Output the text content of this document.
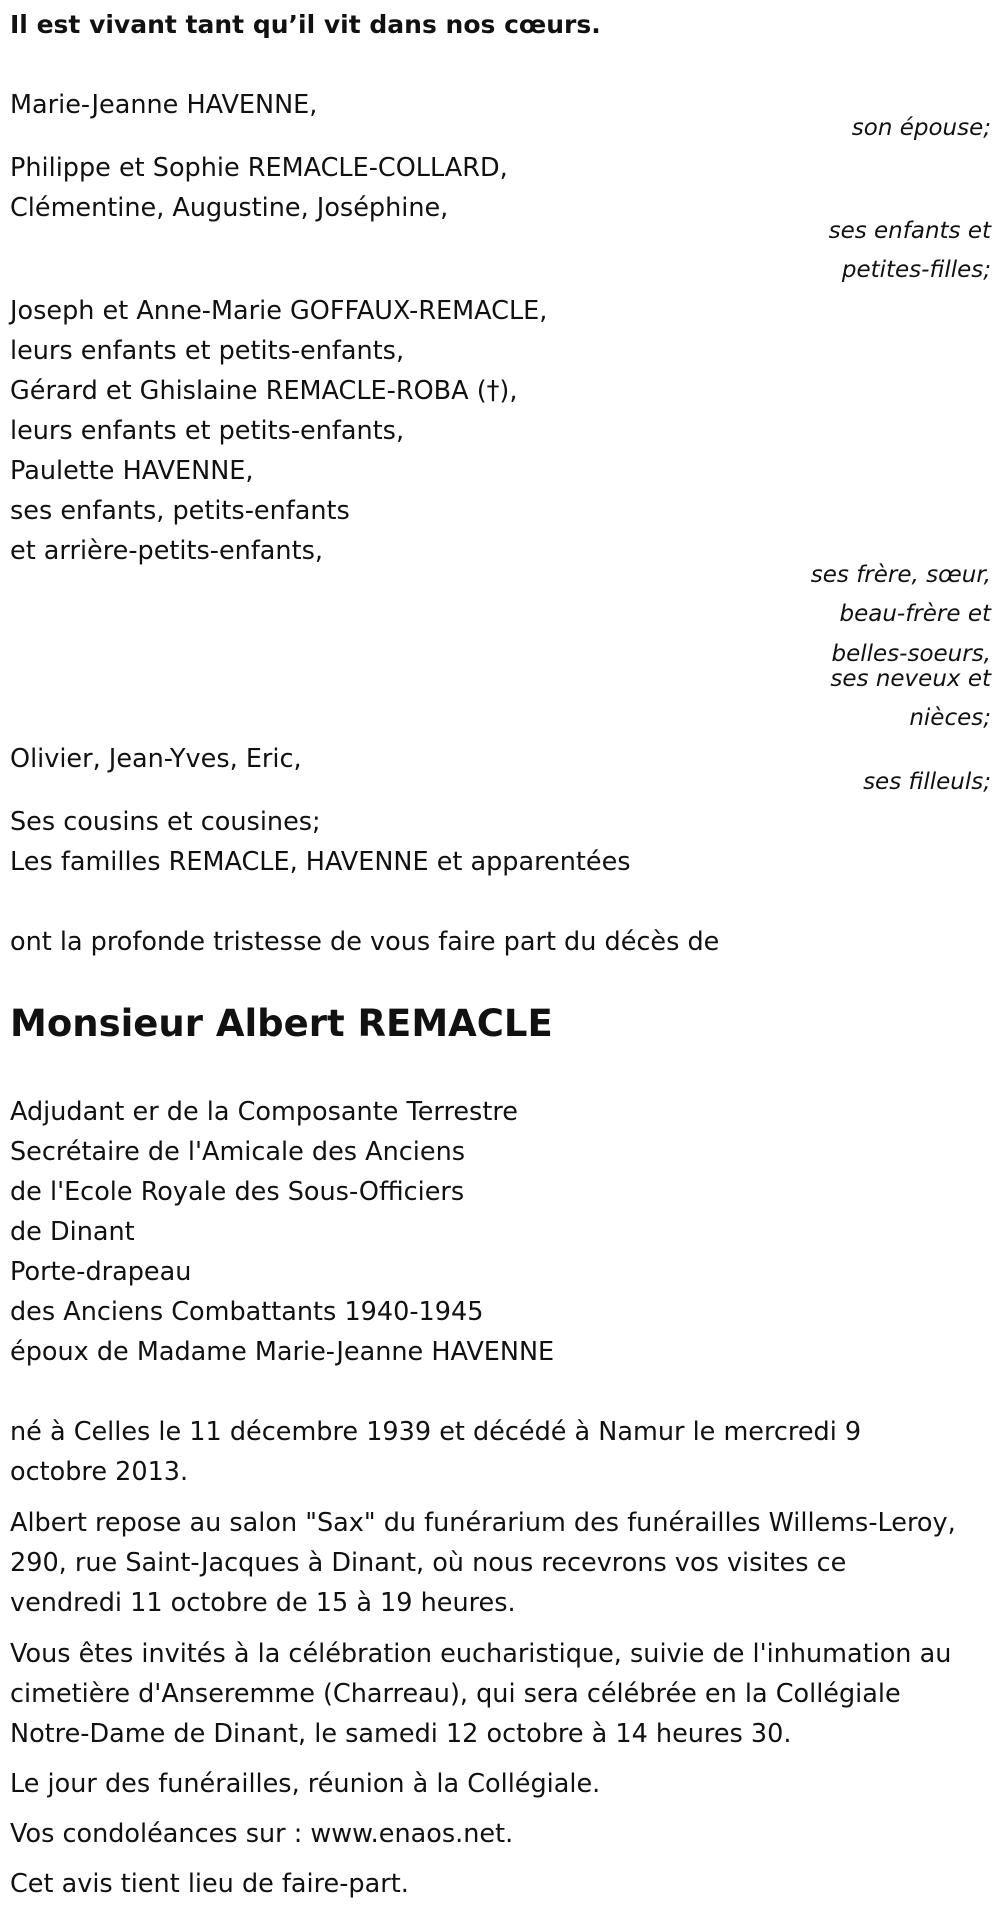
Il est vivant tant qu’il vit dans nos cœurs.
Marie-Jeanne HAVENNE,
son épouse;
Philippe et Sophie REMACLE-COLLARD,
Clémentine, Augustine, Joséphine,
ses enfants et
petites-filles;
Joseph et Anne-Marie GOFFAUX-REMACLE,
leurs enfants et petits-enfants,
Gérard et Ghislaine REMACLE-ROBA (†),
leurs enfants et petits-enfants,
Paulette HAVENNE,
ses enfants, petits-enfants
et arrière-petits-enfants,
ses frère, sœur,
beau-frère et
belles-soeurs,
ses neveux et
nièces;
Olivier, Jean-Yves, Eric,
ses filleuls;
Ses cousins et cousines;
Les familles REMACLE, HAVENNE et apparentées
ont la profonde tristesse de vous faire part du décès de
Monsieur Albert REMACLE
Adjudant er de la Composante Terrestre
Secrétaire de l'Amicale des Anciens
de l'Ecole Royale des Sous-Officiers
de Dinant
Porte-drapeau
des Anciens Combattants 1940-1945
époux de Madame Marie-Jeanne HAVENNE
né à Celles le 11 décembre 1939 et décédé à Namur le mercredi 9
octobre 2013.
Albert repose au salon "Sax" du funérarium des funérailles Willems-Leroy,
290, rue Saint-Jacques à Dinant, où nous recevrons vos visites ce
vendredi 11 octobre de 15 à 19 heures.
Vous êtes invités à la célébration eucharistique, suivie de l'inhumation au
cimetière d'Anseremme (Charreau), qui sera célébrée en la Collégiale
Notre-Dame de Dinant, le samedi 12 octobre à 14 heures 30.
Le jour des funérailles, réunion à la Collégiale.
Vos condoléances sur : www.enaos.net.
Cet avis tient lieu de faire-part.
